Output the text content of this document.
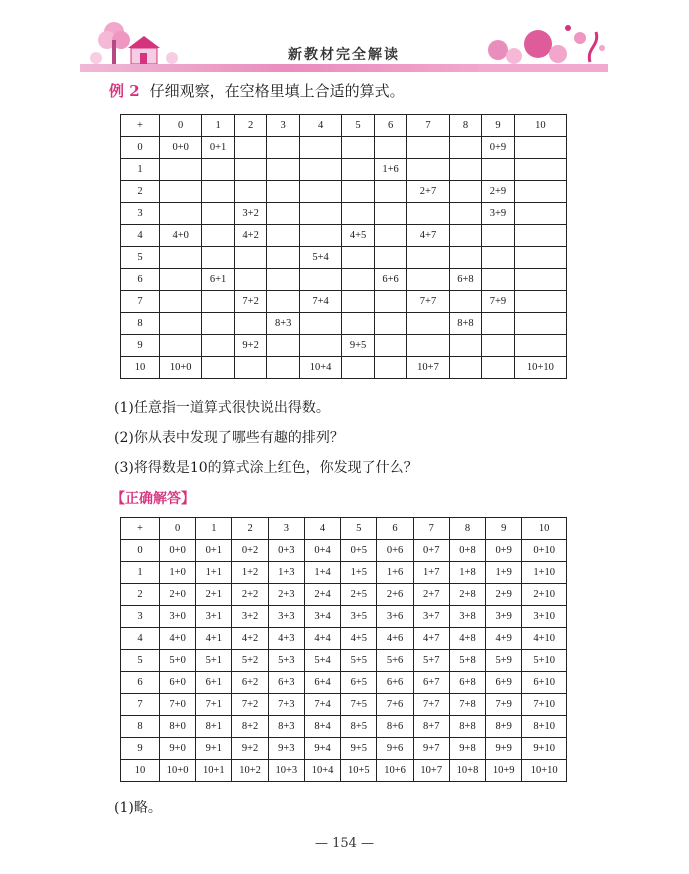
新教材完全解读
例 2 仔细观察，在空格里填上合适的算式。
+	0	1	2	3	4	5	6	7	8	9	10
0	0+0	0+1								0+9	
1							1+6				
2								2+7		2+9	
3			3+2							3+9	
4	4+0		4+2			4+5		4+7			
5					5+4						
6		6+1					6+6		6+8		
7			7+2		7+4			7+7		7+9	
8				8+3					8+8		
9			9+2			9+5					
10	10+0				10+4			10+7			10+10
(1)任意指一道算式很快说出得数。
(2)你从表中发现了哪些有趣的排列？
(3)将得数是10的算式涂上红色，你发现了什么？
【正确解答】
+	0	1	2	3	4	5	6	7	8	9	10
0	0+0	0+1	0+2	0+3	0+4	0+5	0+6	0+7	0+8	0+9	0+10
1	1+0	1+1	1+2	1+3	1+4	1+5	1+6	1+7	1+8	1+9	1+10
2	2+0	2+1	2+2	2+3	2+4	2+5	2+6	2+7	2+8	2+9	2+10
3	3+0	3+1	3+2	3+3	3+4	3+5	3+6	3+7	3+8	3+9	3+10
4	4+0	4+1	4+2	4+3	4+4	4+5	4+6	4+7	4+8	4+9	4+10
5	5+0	5+1	5+2	5+3	5+4	5+5	5+6	5+7	5+8	5+9	5+10
6	6+0	6+1	6+2	6+3	6+4	6+5	6+6	6+7	6+8	6+9	6+10
7	7+0	7+1	7+2	7+3	7+4	7+5	7+6	7+7	7+8	7+9	7+10
8	8+0	8+1	8+2	8+3	8+4	8+5	8+6	8+7	8+8	8+9	8+10
9	9+0	9+1	9+2	9+3	9+4	9+5	9+6	9+7	9+8	9+9	9+10
10	10+0	10+1	10+2	10+3	10+4	10+5	10+6	10+7	10+8	10+9	10+10
(1)略。
— 154 —
